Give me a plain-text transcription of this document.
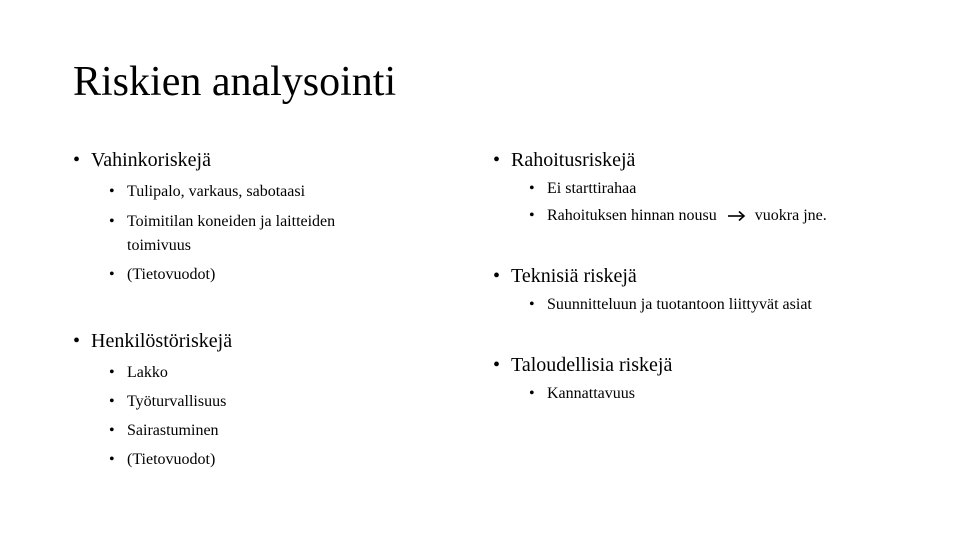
Riskien analysointi
• Vahinkoriskejä
• Tulipalo, varkaus, sabotaasi
• Toimitilan koneiden ja laitteiden
toimivuus
• (Tietovuodot)
• Henkilöstöriskejä
• Lakko
• Työturvallisuus
• Sairastuminen
• (Tietovuodot)
• Rahoitusriskejä
• Ei starttirahaa
• Rahoituksen hinnan nousu vuokra jne.
• Teknisiä riskejä
• Suunnitteluun ja tuotantoon liittyvät asiat
• Taloudellisia riskejä
• Kannattavuus
